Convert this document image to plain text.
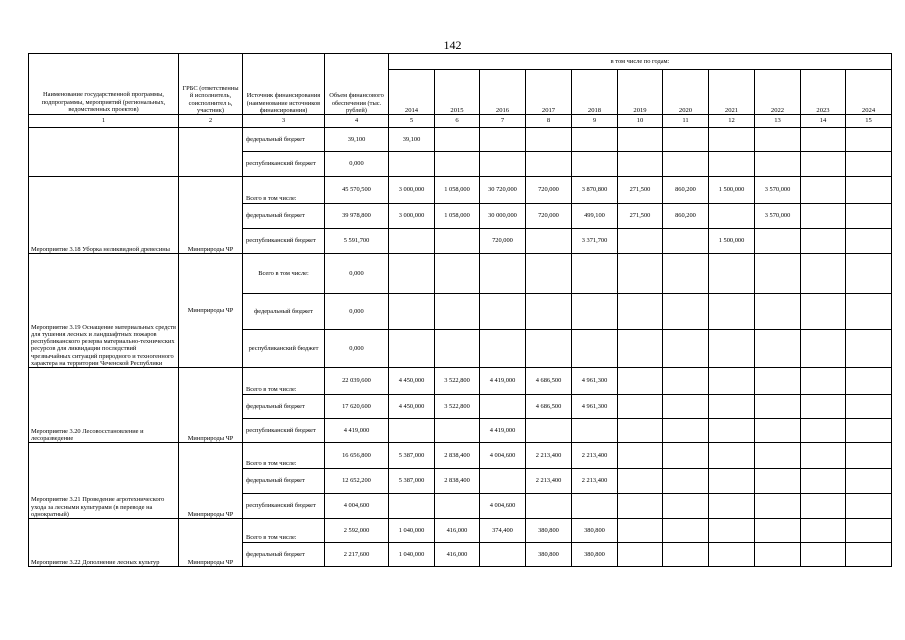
142
Наименование государственной программы, подпрограммы, мероприятий (региональных, ведомственных проектов)	ГРБС (ответственны й исполнитель, соисполнител ь, участник)	Источник финансирования (наименование источников финансирования)	Объем финансового обеспечения (тыс. рублей)	в том числе по годам:										
				2014	2015	2016	2017	2018	2019	2020	2021	2022	2023	2024
1	2	3	4	5	6	7	8	9	10	11	12	13	14	15
		федеральный бюджет	39,100	39,100										
		республиканский бюджет	0,000											
Мероприятие 3.18 Уборка неликвидной древесины	Минприроды ЧР	Всего в том числе:	45 570,500	3 000,000	1 058,000	30 720,000	720,000	3 870,800	271,500	860,200	1 500,000	3 570,000		
		федеральный бюджет	39 978,800	3 000,000	1 058,000	30 000,000	720,000	499,100	271,500	860,200		3 570,000		
		республиканский бюджет	5 591,700			720,000		3 371,700			1 500,000			
Мероприятие 3.19 Оснащение материальных средств для тушения лесных и ландшафтных пожаров республиканского резерва материально-технических ресурсов для ликвидации последствий чрезвычайных ситуаций природного и техногенного характера на территории Чеченской Республики	Минприроды ЧР	Всего в том числе:	0,000											
		федеральный бюджет	0,000											
		республиканский бюджет	0,000											
Мероприятие 3.20 Лесовосстановление и лесоразведение	Минприроды ЧР	Всего в том числе:	22 039,600	4 450,000	3 522,800	4 419,000	4 686,500	4 961,300						
		федеральный бюджет	17 620,600	4 450,000	3 522,800		4 686,500	4 961,300						
		республиканский бюджет	4 419,000			4 419,000								
Мероприятие 3.21 Проведение агротехнического ухода за лесными культурами (в переводе на однократный)	Минприроды ЧР	Всего в том числе:	16 656,800	5 387,000	2 838,400	4 004,600	2 213,400	2 213,400						
		федеральный бюджет	12 652,200	5 387,000	2 838,400		2 213,400	2 213,400						
		республиканский бюджет	4 004,600			4 004,600								
Мероприятие 3.22 Дополнение лесных культур	Минприроды ЧР	Всего в том числе:	2 592,000	1 040,000	416,000	374,400	380,800	380,800						
		федеральный бюджет	2 217,600	1 040,000	416,000		380,800	380,800						
